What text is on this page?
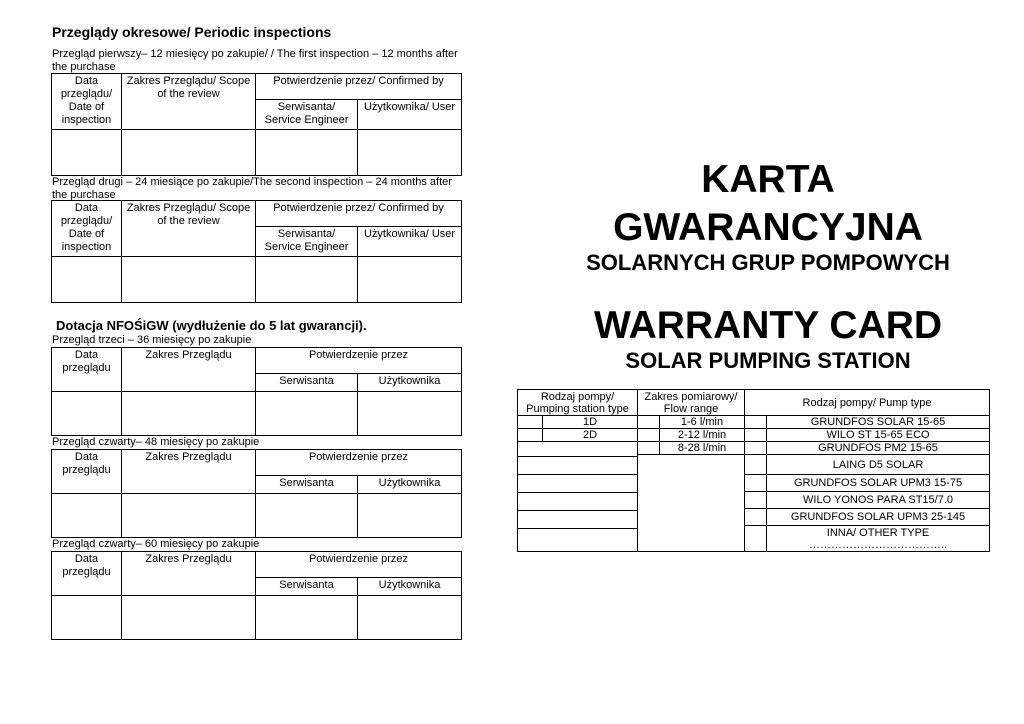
Przeglądy okresowe/ Periodic inspections
Przegląd pierwszy– 12 miesięcy po zakupie/ / The first inspection – 12 months after the purchase
Data przeglądu/ Date of inspection	Zakres Przeglądu/ Scope of the review	Potwierdzenie przez/ Confirmed by	
		Serwisanta/ Service Engineer	Użytkownika/ User

Przegląd drugi – 24 miesiące po zakupie/The second inspection – 24 months after the purchase
Data przeglądu/ Date of inspection	Zakres Przeglądu/ Scope of the review	Potwierdzenie przez/ Confirmed by	
		Serwisanta/ Service Engineer	Użytkownika/ User

Dotacja NFOŚiGW (wydłużenie do 5 lat gwarancji).
Przegląd trzeci – 36 miesięcy po zakupie
Data przeglądu	Zakres Przeglądu	Potwierdzenie przez	
		Serwisanta	Użytkownika

Przegląd czwarty– 48 miesięcy po zakupie
Data przeglądu	Zakres Przeglądu	Potwierdzenie przez	
		Serwisanta	Użytkownika

Przegląd czwarty– 60 miesięcy po zakupie
Data przeglądu	Zakres Przeglądu	Potwierdzenie przez	
		Serwisanta	Użytkownika

KARTA
GWARANCYJNA
SOLARNYCH GRUP POMPOWYCH
WARRANTY CARD
SOLAR PUMPING STATION
Rodzaj pompy/ Pumping station type		Zakres pomiarowy/ Flow range		Rodzaj pompy/ Pump type	
	1D		1-6 l/min		GRUNDFOS SOLAR 15-65
	2D		2-12 l/min		WILO ST 15-65 ECO

			8-28 l/min		GRUNDFOS PM2 15-65
					LAING D5 SOLAR
					GRUNDFOS SOLAR UPM3 15-75
					WILO YONOS PARA ST15/7.0
					GRUNDFOS SOLAR UPM3 25-145

					INNA/ OTHER TYPE
………………………………..
